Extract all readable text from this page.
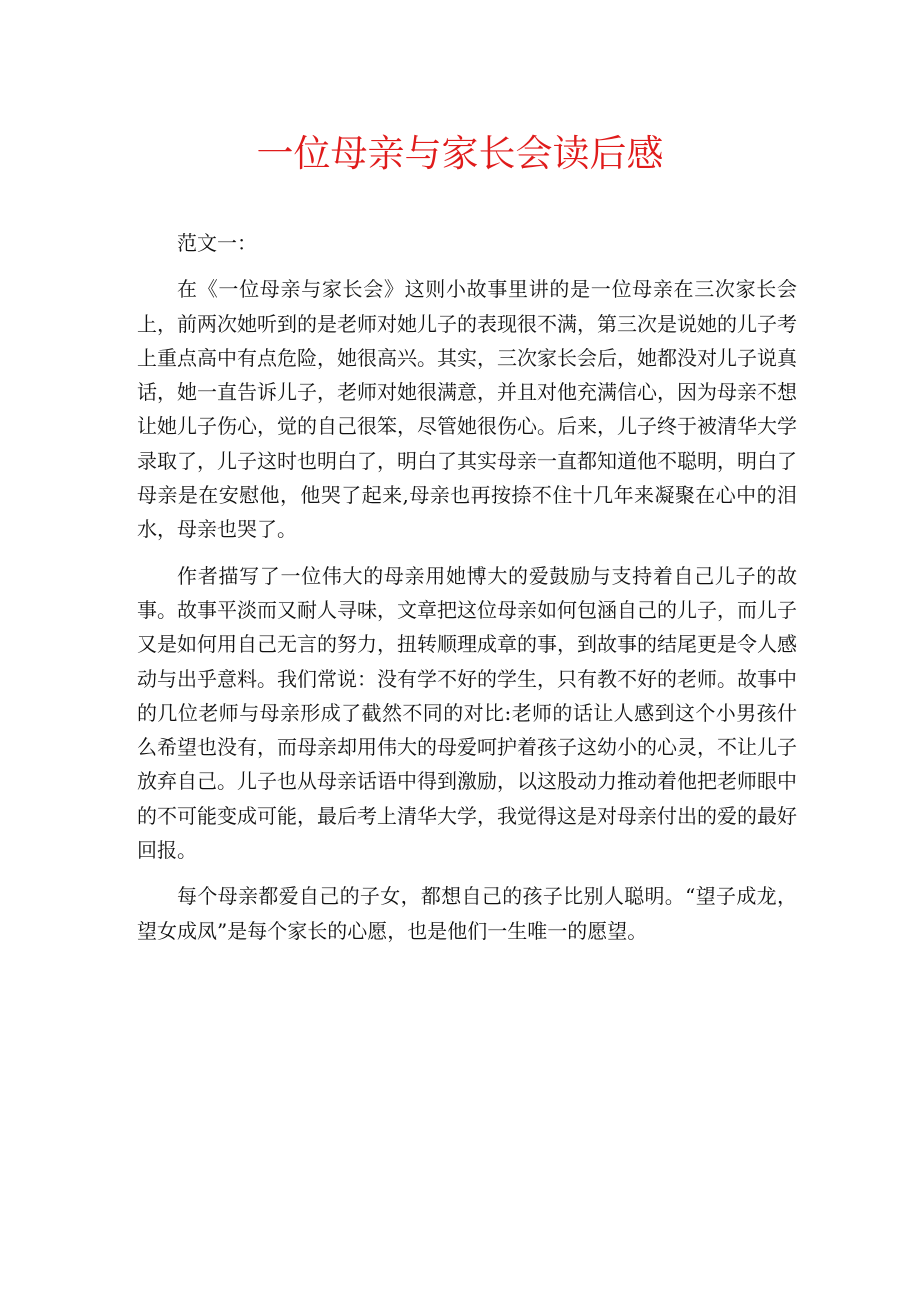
一位母亲与家长会读后感

范文一：

在《一位母亲与家长会》这则小故事里讲的是一位母亲在三次家长会上，前两次她听到的是老师对她儿子的表现很不满，第三次是说她的儿子考上重点高中有点危险，她很高兴。其实，三次家长会后，她都没对儿子说真话，她一直告诉儿子，老师对她很满意，并且对他充满信心，因为母亲不想让她儿子伤心，觉的自己很笨，尽管她很伤心。后来，儿子终于被清华大学录取了，儿子这时也明白了，明白了其实母亲一直都知道他不聪明，明白了母亲是在安慰他，他哭了起来,母亲也再按捺不住十几年来凝聚在心中的泪水，母亲也哭了。

作者描写了一位伟大的母亲用她博大的爱鼓励与支持着自己儿子的故事。故事平淡而又耐人寻味，文章把这位母亲如何包涵自己的儿子，而儿子又是如何用自己无言的努力，扭转顺理成章的事，到故事的结尾更是令人感动与出乎意料。我们常说：没有学不好的学生，只有教不好的老师。故事中的几位老师与母亲形成了截然不同的对比:老师的话让人感到这个小男孩什么希望也没有，而母亲却用伟大的母爱呵护着孩子这幼小的心灵，不让儿子放弃自己。儿子也从母亲话语中得到激励，以这股动力推动着他把老师眼中的不可能变成可能，最后考上清华大学，我觉得这是对母亲付出的爱的最好回报。

每个母亲都爱自己的子女，都想自己的孩子比别人聪明。“望子成龙，望女成凤”是每个家长的心愿，也是他们一生唯一的愿望。
